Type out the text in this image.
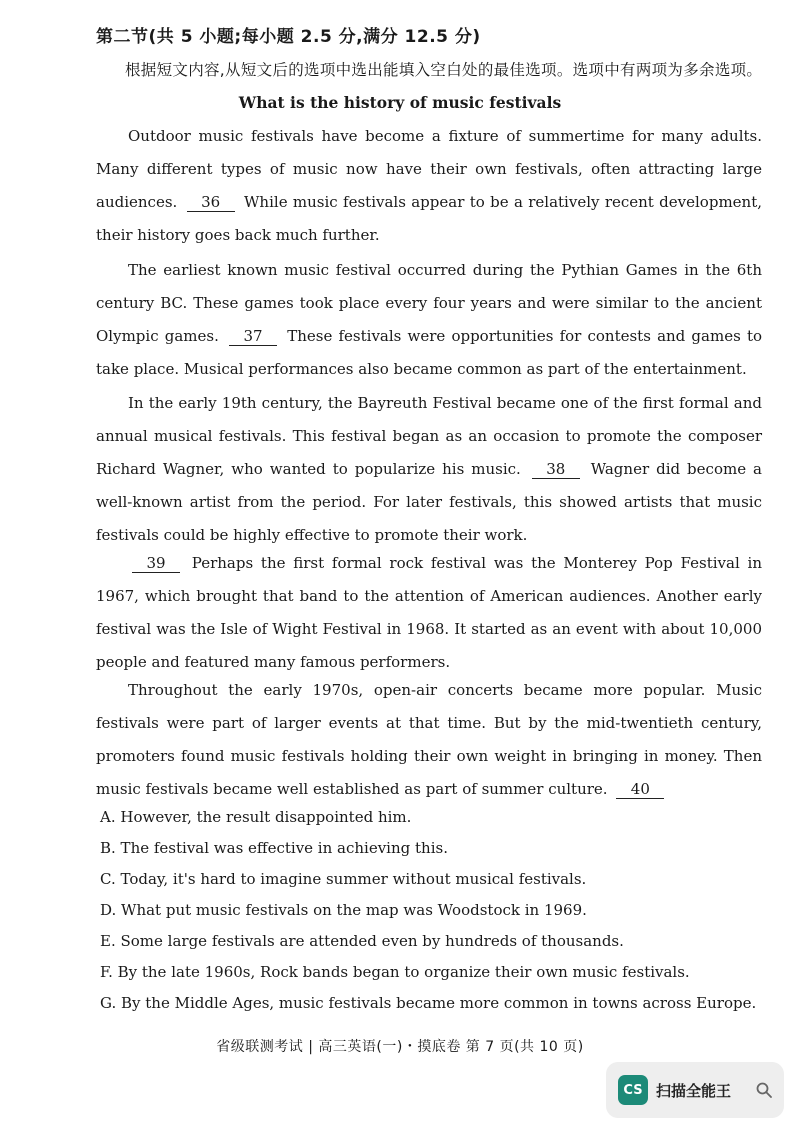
第二节(共 5 小题;每小题 2.5 分,满分 12.5 分)
根据短文内容,从短文后的选项中选出能填入空白处的最佳选项。选项中有两项为多余选项。
What is the history of music festivals
Outdoor music festivals have become a fixture of summertime for many adults. Many different types of music now have their own festivals, often attracting large audiences. 36 While music festivals appear to be a relatively recent development, their history goes back much further.
The earliest known music festival occurred during the Pythian Games in the 6th century BC. These games took place every four years and were similar to the ancient Olympic games. 37 These festivals were opportunities for contests and games to take place. Musical performances also became common as part of the entertainment.
In the early 19th century, the Bayreuth Festival became one of the first formal and annual musical festivals. This festival began as an occasion to promote the composer Richard Wagner, who wanted to popularize his music. 38 Wagner did become a well-known artist from the period. For later festivals, this showed artists that music festivals could be highly effective to promote their work.
39 Perhaps the first formal rock festival was the Monterey Pop Festival in 1967, which brought that band to the attention of American audiences. Another early festival was the Isle of Wight Festival in 1968. It started as an event with about 10,000 people and featured many famous performers.
Throughout the early 1970s, open-air concerts became more popular. Music festivals were part of larger events at that time. But by the mid-twentieth century, promoters found music festivals holding their own weight in bringing in money. Then music festivals became well established as part of summer culture. 40
A. However, the result disappointed him.
B. The festival was effective in achieving this.
C. Today, it's hard to imagine summer without musical festivals.
D. What put music festivals on the map was Woodstock in 1969.
E. Some large festivals are attended even by hundreds of thousands.
F. By the late 1960s, Rock bands began to organize their own music festivals.
G. By the Middle Ages, music festivals became more common in towns across Europe.
省级联测考试 | 高三英语(一)・摸底卷 第 7 页(共 10 页)
CS 扫描全能王
